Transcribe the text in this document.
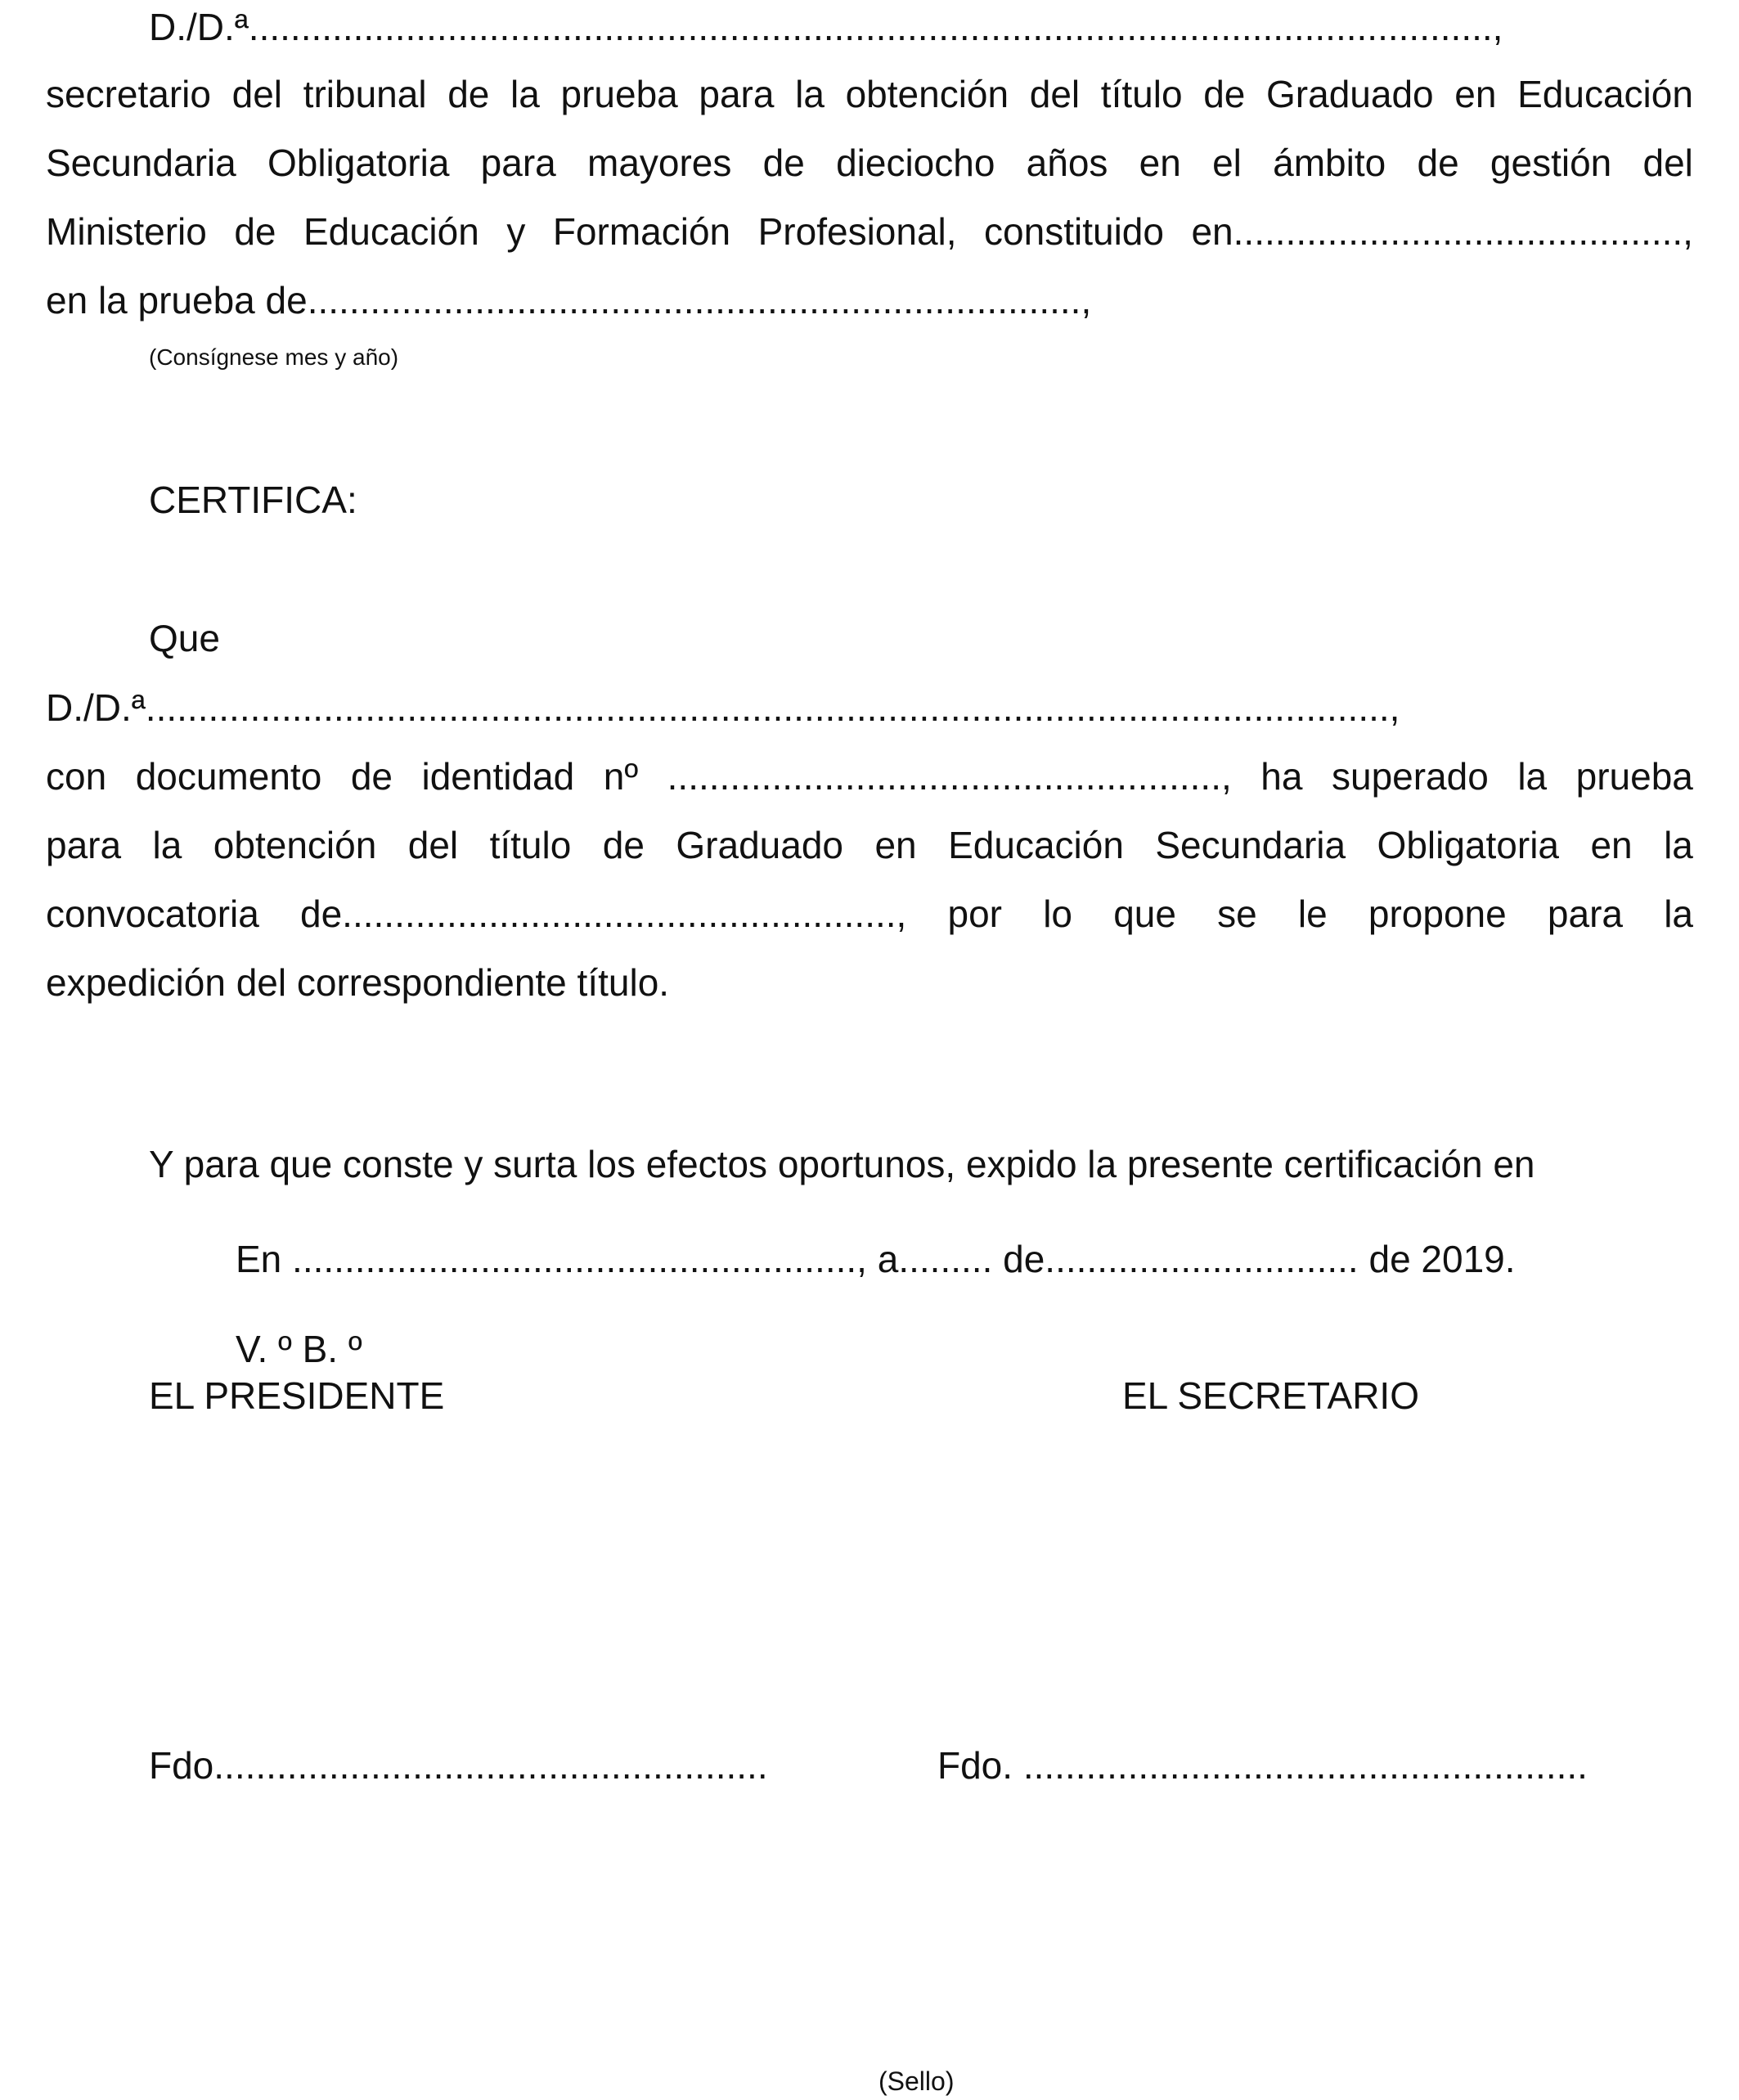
D./D.ª.......................................................................................................................,
secretario del tribunal de la prueba para la obtención del título de Graduado en Educación
Secundaria Obligatoria para mayores de dieciocho años en el ámbito de gestión del
Ministerio de Educación y Formación Profesional, constituido en...........................................,
en la prueba de..........................................................................,
(Consígnese mes y año)
CERTIFICA:
Que
D./D.ª.......................................................................................................................,
con documento de identidad nº ....................................................., ha superado la prueba
para la obtención del título de Graduado en Educación Secundaria Obligatoria en la
convocatoria de....................................................., por lo que se le propone para la
expedición del correspondiente título.
Y para que conste y surta los efectos oportunos, expido la presente certificación en
En ......................................................, a......... de.............................. de 2019.
V. º B. º
EL PRESIDENTE	EL SECRETARIO
Fdo.....................................................	Fdo. ......................................................
(Sello)
